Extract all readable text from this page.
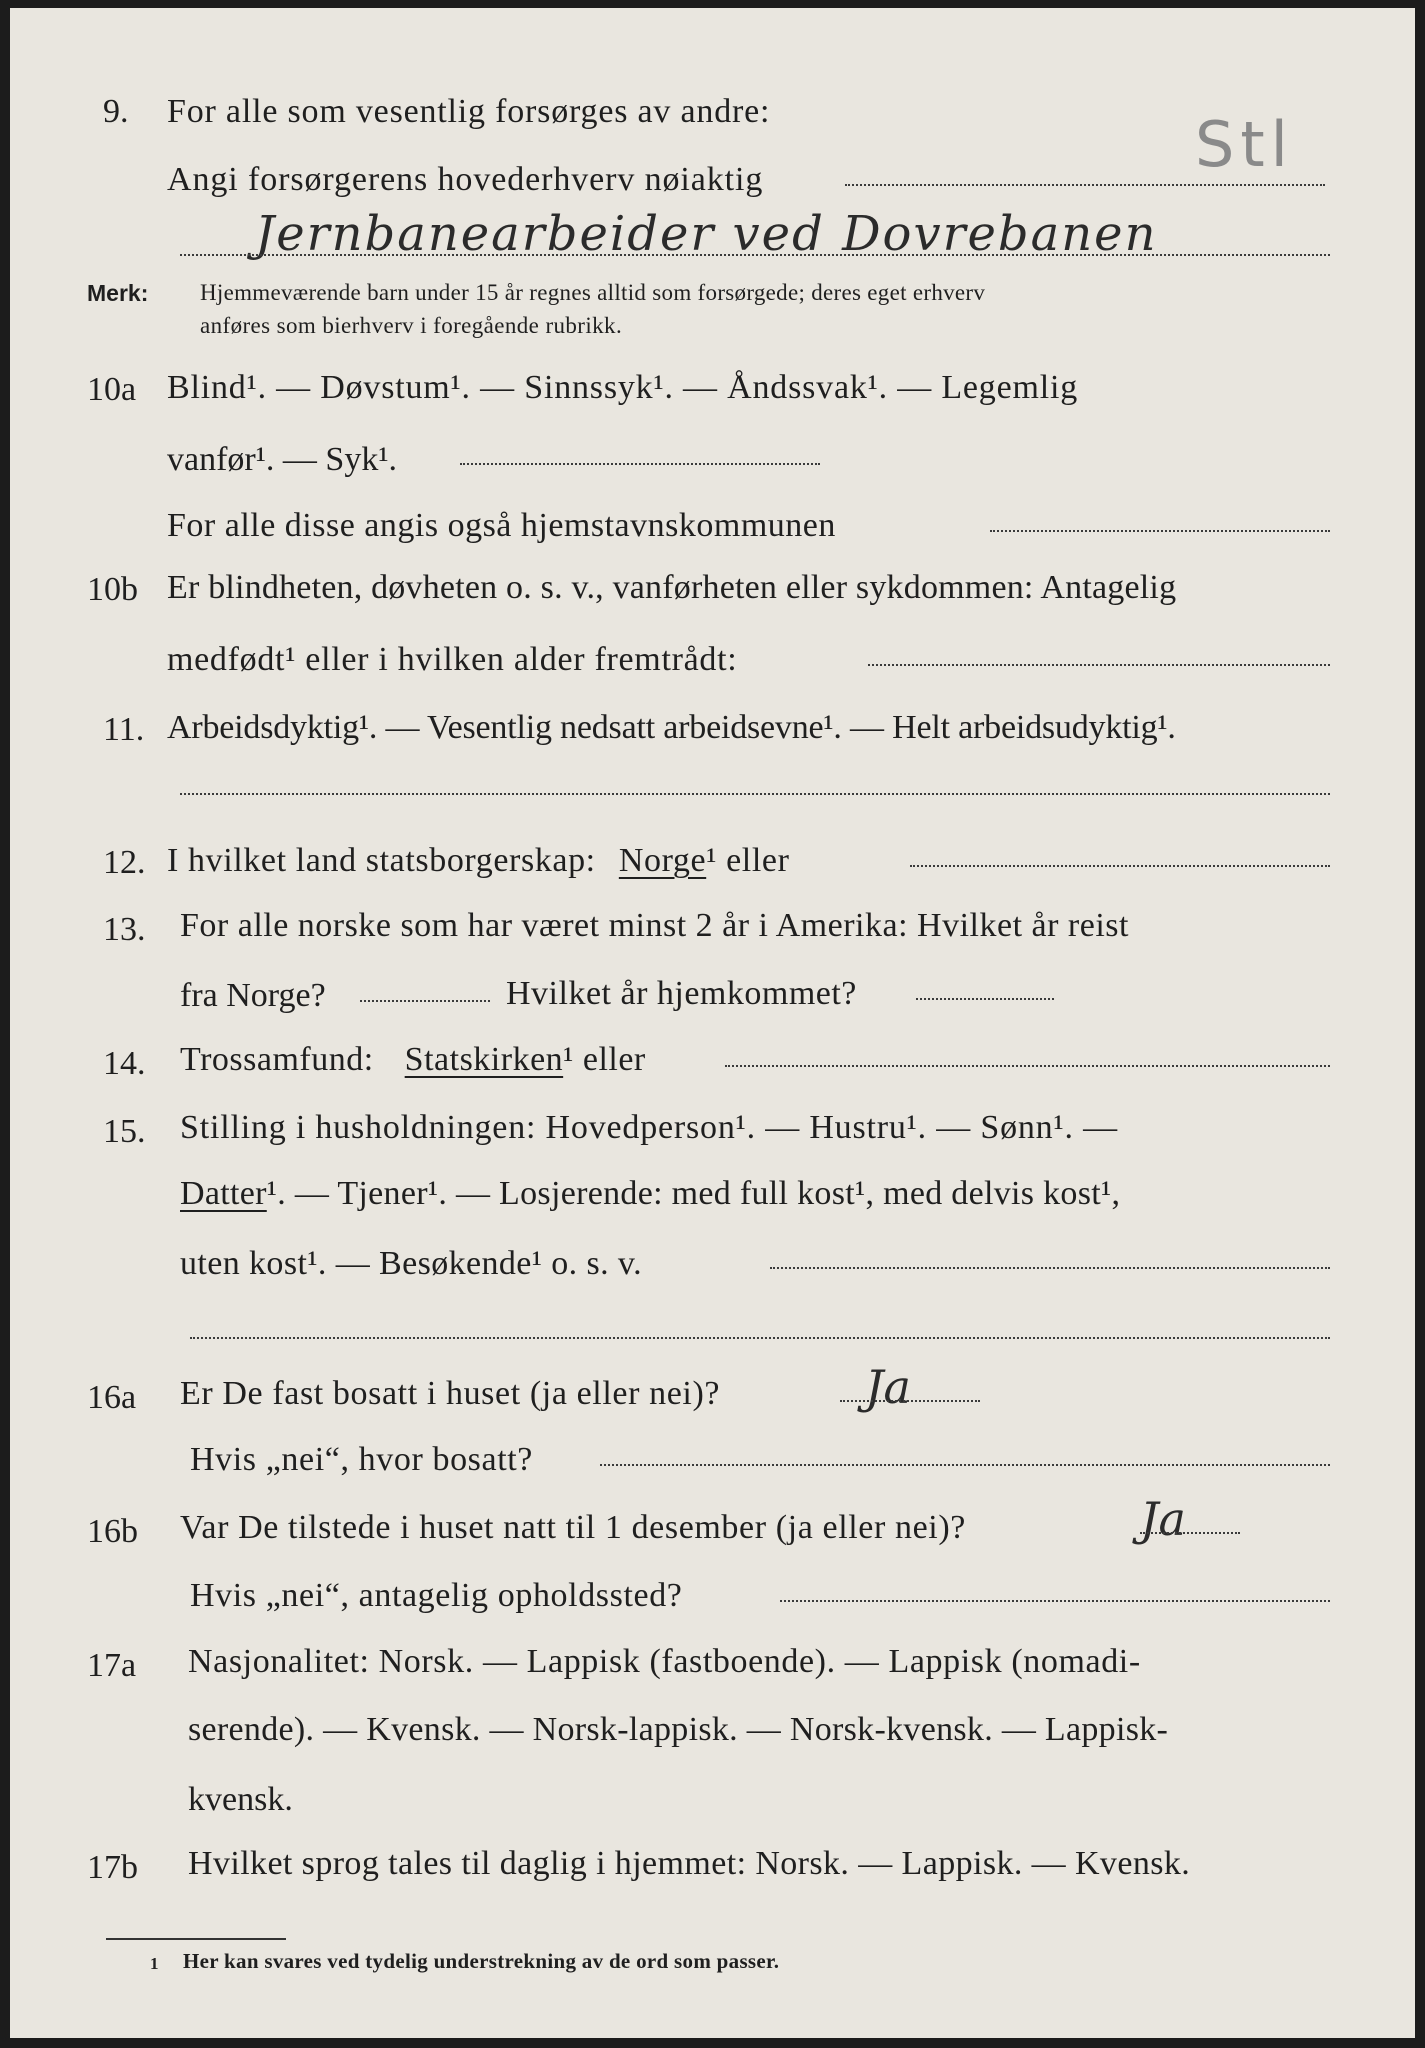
9. For alle som vesentlig forsørges av andre:
Angi forsørgerens hovederhverv nøiaktig	Stl
Jernbanearbeider ved Dovrebanen
Merk: Hjemmeværende barn under 15 år regnes alltid som forsørgede; deres eget erhverv
anføres som bierhverv i foregående rubrikk.
10a Blind¹. — Døvstum¹. — Sinnssyk¹. — Åndssvak¹. — Legemlig
vanfør¹. — Syk¹.
For alle disse angis også hjemstavnskommunen
10b Er blindheten, døvheten o. s. v., vanførheten eller sykdommen: Antagelig
medfødt¹ eller i hvilken alder fremtrådt:
11. Arbeidsdyktig¹. — Vesentlig nedsatt arbeidsevne¹. — Helt arbeidsudyktig¹.
12. I hvilket land statsborgerskap: Norge¹ eller
13. For alle norske som har været minst 2 år i Amerika: Hvilket år reist
fra Norge?	Hvilket år hjemkommet?
14. Trossamfund: Statskirken¹ eller
15. Stilling i husholdningen: Hovedperson¹. — Hustru¹. — Sønn¹. —
Datter¹. — Tjener¹. — Losjerende: med full kost¹, med delvis kost¹,
uten kost¹. — Besøkende¹ o. s. v.
16a Er De fast bosatt i huset (ja eller nei)?	Ja
Hvis „nei“, hvor bosatt?
16b Var De tilstede i huset natt til 1 desember (ja eller nei)?	Ja
Hvis „nei“, antagelig opholdssted?
17a Nasjonalitet: Norsk. — Lappisk (fastboende). — Lappisk (nomadi-
serende). — Kvensk. — Norsk-lappisk. — Norsk-kvensk. — Lappisk-
kvensk.
17b Hvilket sprog tales til daglig i hjemmet: Norsk. — Lappisk. — Kvensk.
1 Her kan svares ved tydelig understrekning av de ord som passer.
